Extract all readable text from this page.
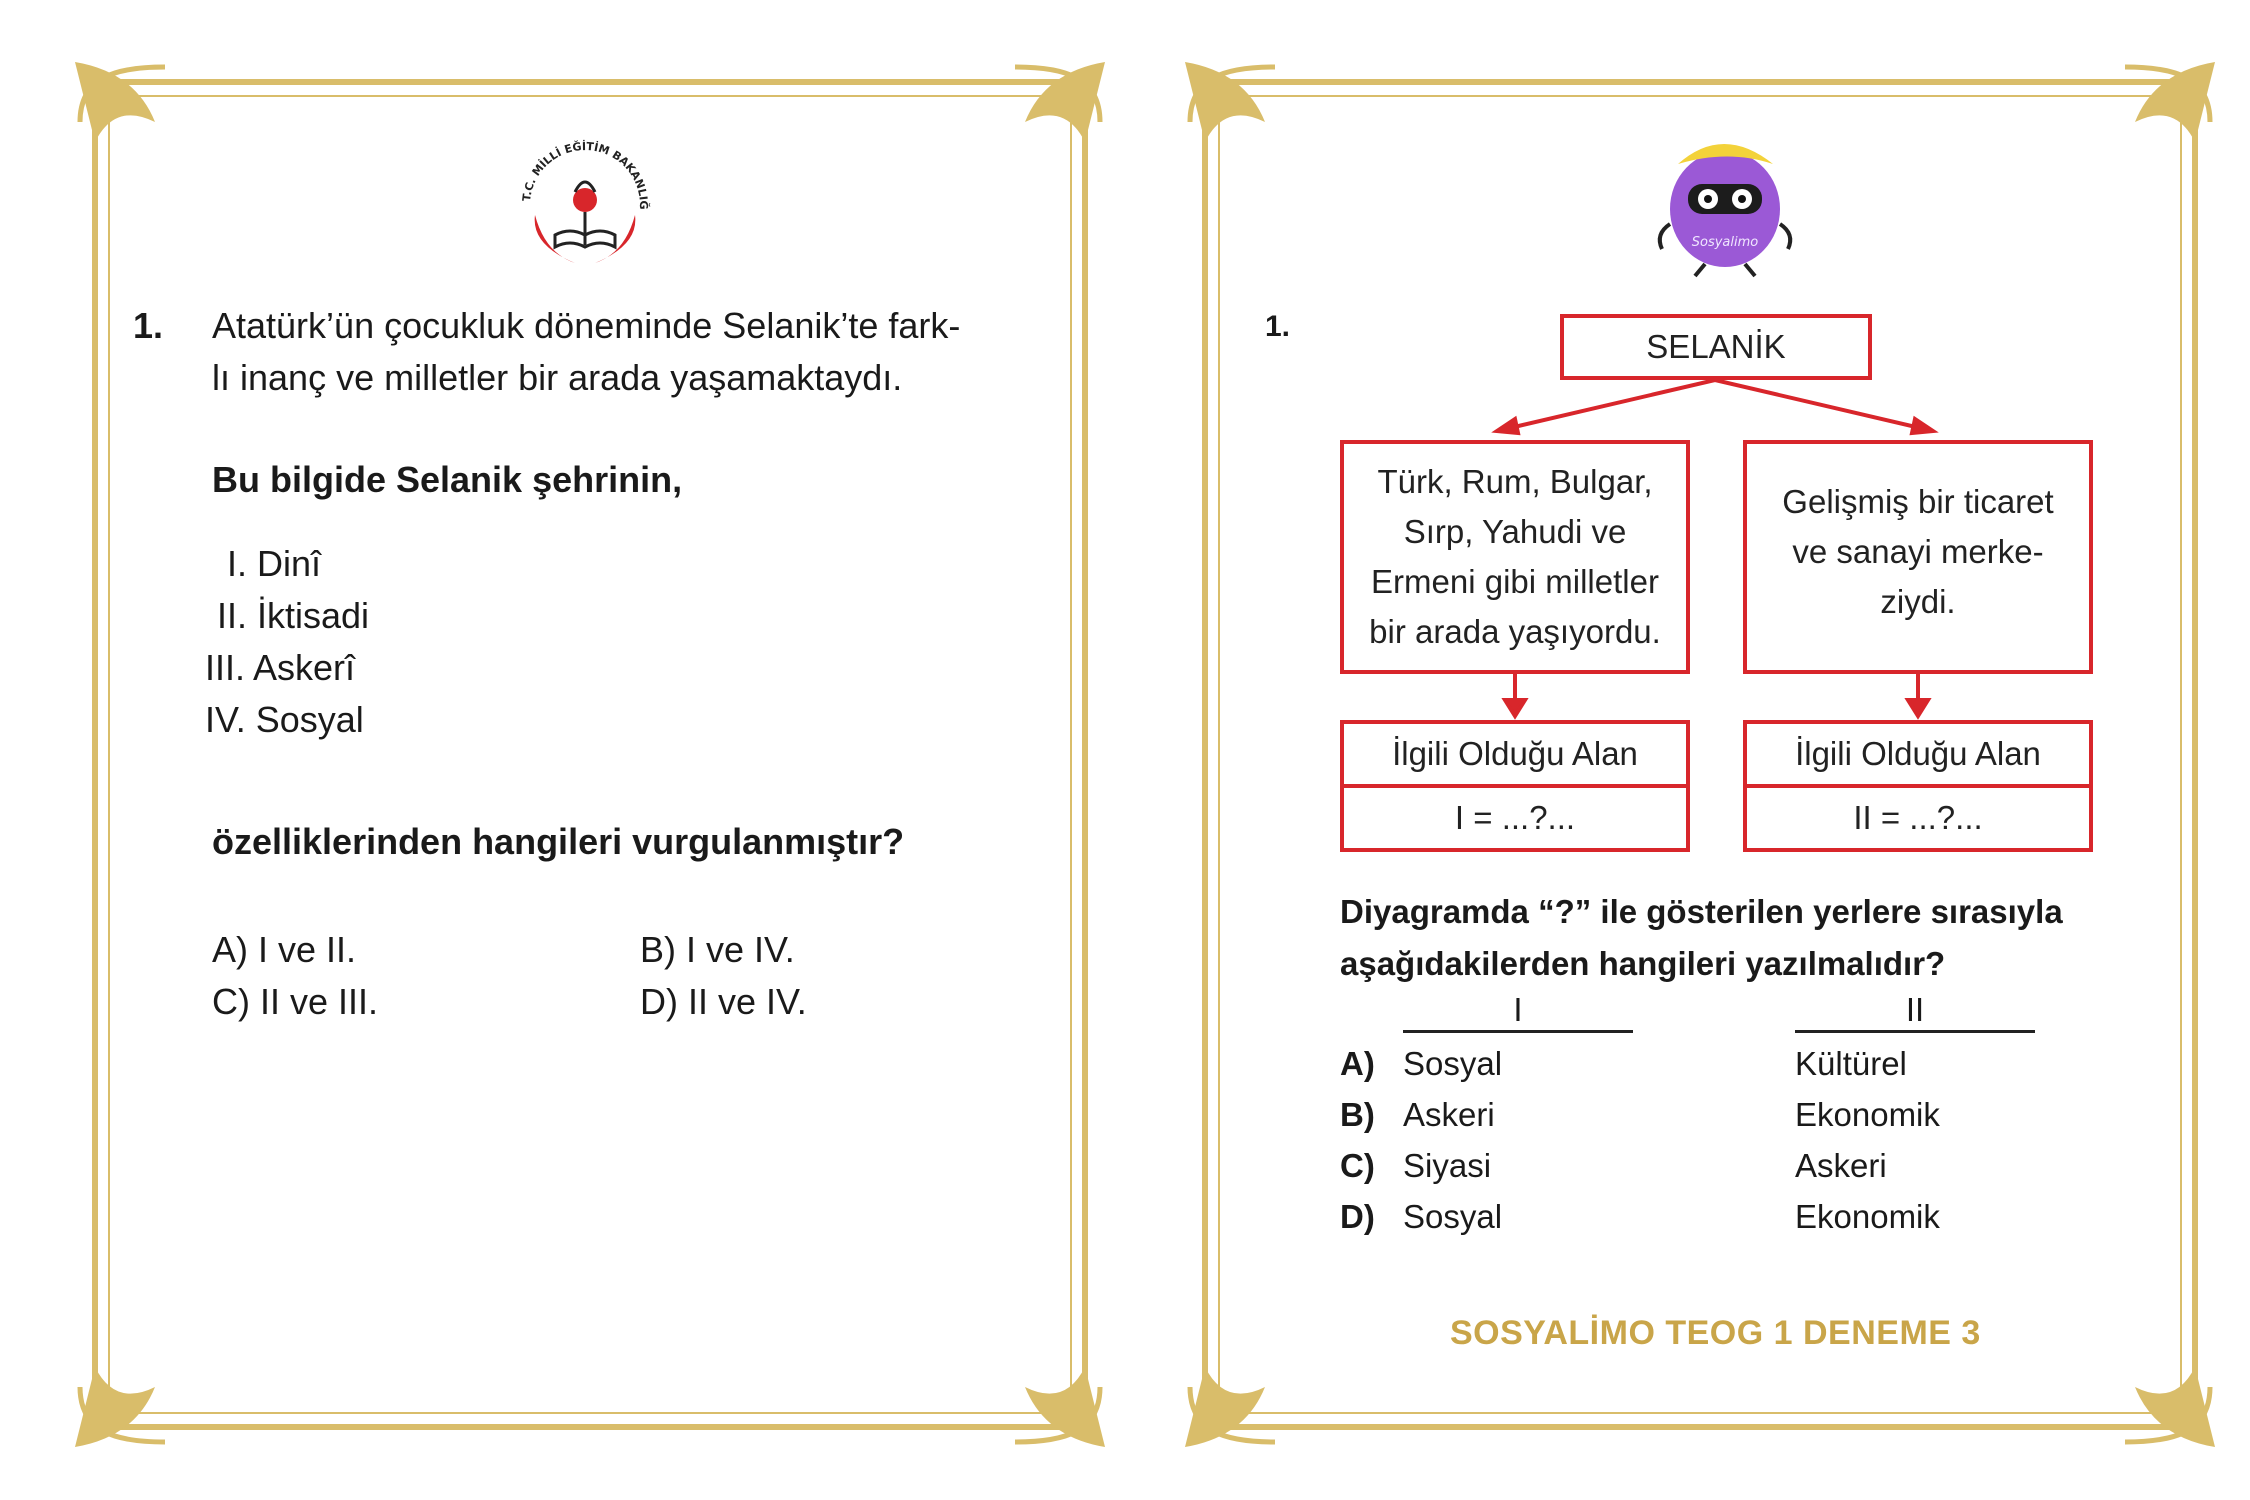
T.C. MİLLİ EĞİTİM BAKANLIĞ
1. Atatürk’ün çocukluk döneminde Selanik’te fark-
lı inanç ve milletler bir arada yaşamaktaydı.
Bu bilgide Selanik şehrinin,
I. Dinî
II. İktisadi
III. Askerî
IV. Sosyal
özelliklerinden hangileri vurgulanmıştır?
A) I ve II.	B) I ve IV.
C) II ve III.	D) II ve IV.
Sosyalimo
1.
SELANİK
Türk, Rum, Bulgar,
Sırp, Yahudi ve
Ermeni gibi milletler
bir arada yaşıyordu.
Gelişmiş bir ticaret
ve sanayi merke-
ziydi.
İlgili Olduğu Alan
I = ...?...
İlgili Olduğu Alan
II = ...?...
Diyagramda “?” ile gösterilen yerlere sırasıyla
aşağıdakilerden hangileri yazılmalıdır?
I	II
A) Sosyal	Kültürel
B) Askeri	Ekonomik
C) Siyasi	Askeri
D) Sosyal	Ekonomik
SOSYALİMO TEOG 1 DENEME 3
